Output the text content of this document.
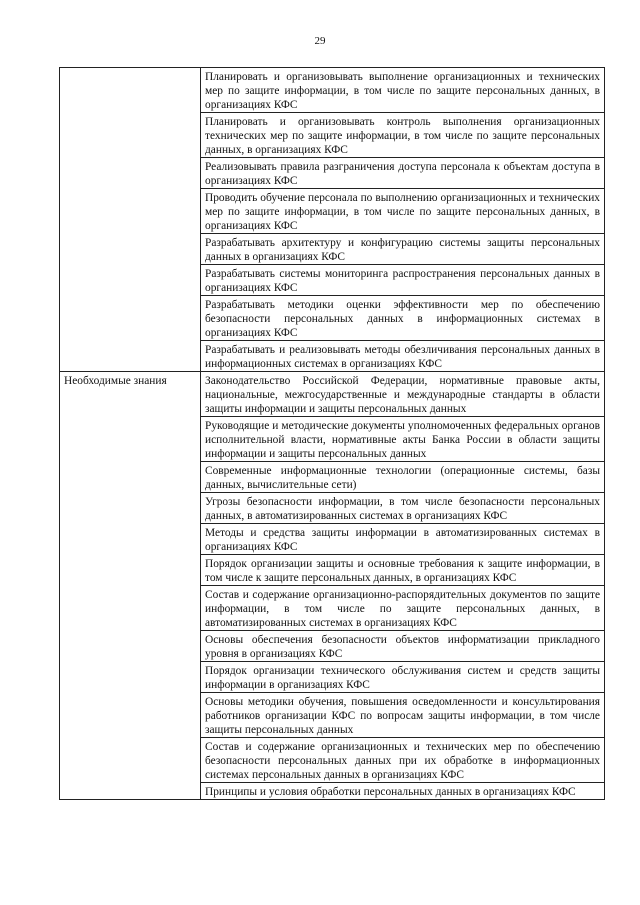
29

	Планировать и организовывать выполнение организационных и технических мер по защите информации, в том числе по защите персональных данных, в организациях КФС

	Планировать и организовывать контроль выполнения организационных технических мер по защите информации, в том числе по защите персональных данных, в организациях КФС

	Реализовывать правила разграничения доступа персонала к объектам доступа в организациях КФС

	Проводить обучение персонала по выполнению организационных и технических мер по защите информации, в том числе по защите персональных данных, в организациях КФС

	Разрабатывать архитектуру и конфигурацию системы защиты персональных данных в организациях КФС

	Разрабатывать системы мониторинга распространения персональных данных в организациях КФС

	Разрабатывать методики оценки эффективности мер по обеспечению безопасности персональных данных в информационных системах в организациях КФС

	Разрабатывать и реализовывать методы обезличивания персональных данных в информационных системах в организациях КФС

Необходимые знания	Законодательство Российской Федерации, нормативные правовые акты, национальные, межгосударственные и международные стандарты в области защиты информации и защиты персональных данных

	Руководящие и методические документы уполномоченных федеральных органов исполнительной власти, нормативные акты Банка России в области защиты информации и защиты персональных данных

	Современные информационные технологии (операционные системы, базы данных, вычислительные сети)

	Угрозы безопасности информации, в том числе безопасности персональных данных, в автоматизированных системах в организациях КФС

	Методы и средства защиты информации в автоматизированных системах в организациях КФС

	Порядок организации защиты и основные требования к защите информации, в том числе к защите персональных данных, в организациях КФС

	Состав и содержание организационно-распорядительных документов по защите информации, в том числе по защите персональных данных, в автоматизированных системах в организациях КФС

	Основы обеспечения безопасности объектов информатизации прикладного уровня в организациях КФС

	Порядок организации технического обслуживания систем и средств защиты информации в организациях КФС

	Основы методики обучения, повышения осведомленности и консультирования работников организации КФС по вопросам защиты информации, в том числе защиты персональных данных

	Состав и содержание организационных и технических мер по обеспечению безопасности персональных данных при их обработке в информационных системах персональных данных в организациях КФС

	Принципы и условия обработки персональных данных в организациях КФС
